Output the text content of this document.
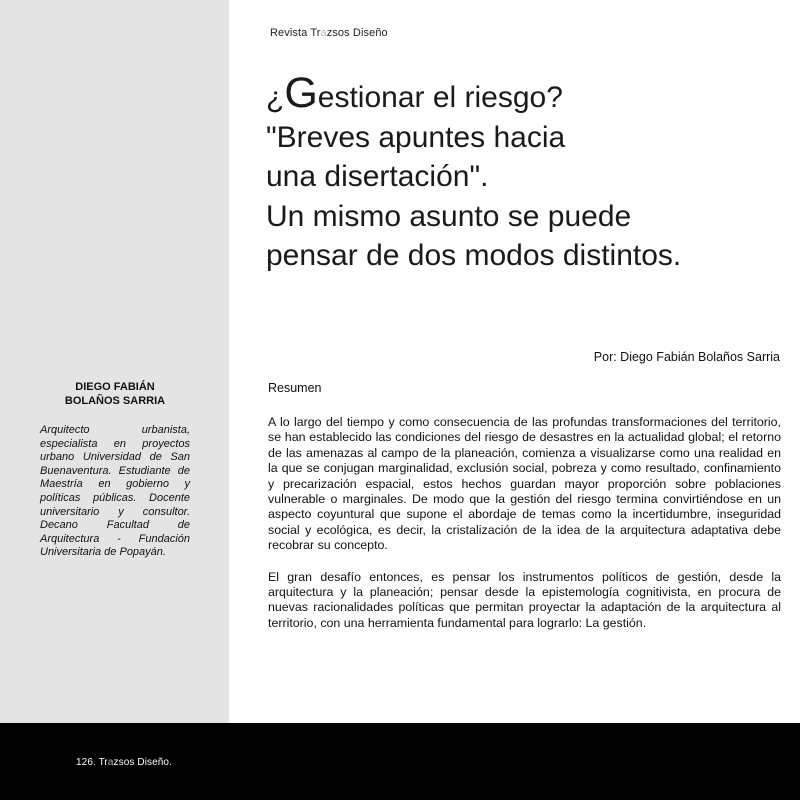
Revista Trazsos Diseño
¿Gestionar el riesgo?
"Breves apuntes hacia
una disertación".
Un mismo asunto se puede
pensar de dos modos distintos.
Por: Diego Fabián Bolaños Sarria
Resumen

A lo largo del tiempo y como consecuencia de las profundas transformaciones del territorio, se han establecido las condiciones del riesgo de desastres en la actualidad global; el retorno de las amenazas al campo de la planeación, comienza a visualizarse como una realidad en la que se conjugan marginalidad, exclusión social, pobreza y como resultado, confinamiento y precarización espacial, estos hechos guardan mayor proporción sobre poblaciones vulnerable o marginales. De modo que la gestión del riesgo termina convirtiéndose en un aspecto coyuntural que supone el abordaje de temas como la incertidumbre, inseguridad social y ecológica, es decir, la cristalización de la idea de la arquitectura adaptativa debe recobrar su concepto.

El gran desafío entonces, es pensar los instrumentos políticos de gestión, desde la arquitectura y la planeación; pensar desde la epistemología cognitivista, en procura de nuevas racionalidades políticas que permitan proyectar la adaptación de la arquitectura al territorio, con una herramienta fundamental para lograrlo: La gestión.

DIEGO FABIÁN
BOLAÑOS SARRIA
Arquitecto urbanista, especialista en proyectos urbano Universidad de San Buenaventura. Estudiante de Maestría en gobierno y políticas públicas. Docente universitario y consultor. Decano Facultad de Arquitectura - Fundación Universitaria de Popayán.
126. Trazsos Diseño.
